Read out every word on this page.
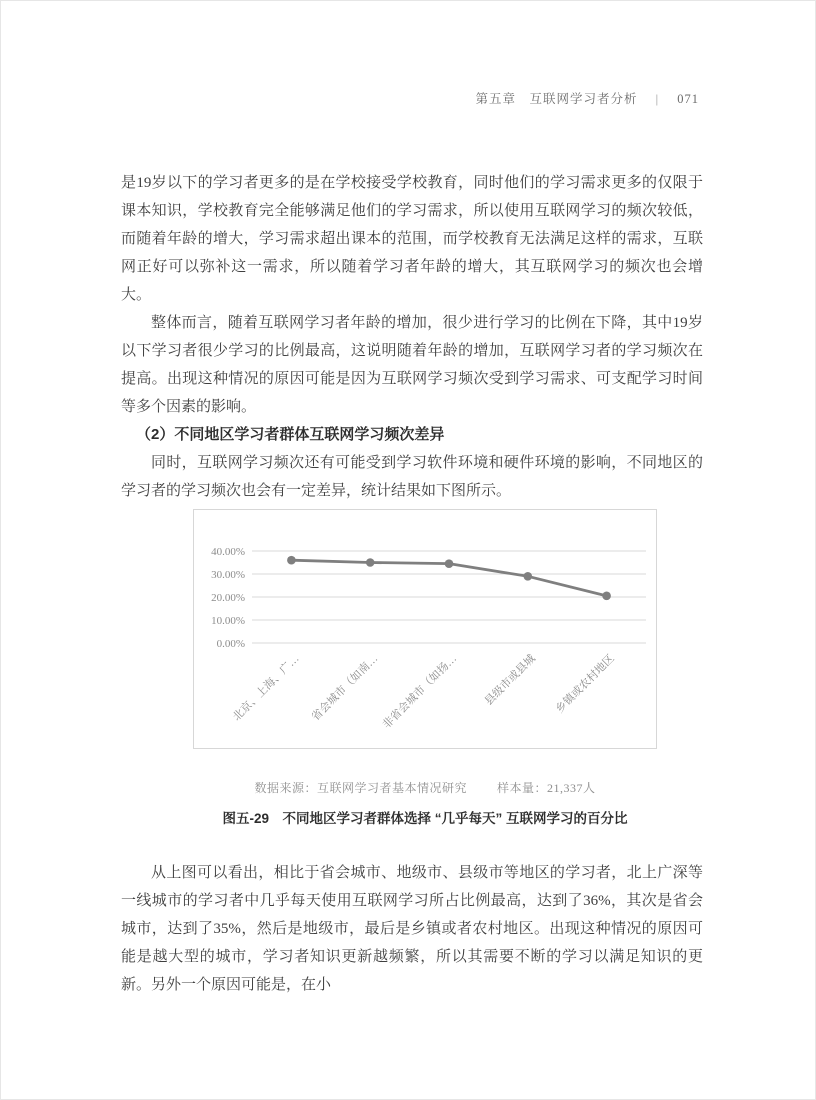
第五章　互联网学习者分析 | 071

是19岁以下的学习者更多的是在学校接受学校教育，同时他们的学习需求更多的仅限于课本知识，学校教育完全能够满足他们的学习需求，所以使用互联网学习的频次较低，而随着年龄的增大，学习需求超出课本的范围，而学校教育无法满足这样的需求，互联网正好可以弥补这一需求，所以随着学习者年龄的增大，其互联网学习的频次也会增大。

整体而言，随着互联网学习者年龄的增加，很少进行学习的比例在下降，其中19岁以下学习者很少学习的比例最高，这说明随着年龄的增加，互联网学习者的学习频次在提高。出现这种情况的原因可能是因为互联网学习频次受到学习需求、可支配学习时间等多个因素的影响。

（2）不同地区学习者群体互联网学习频次差异

同时，互联网学习频次还有可能受到学习软件环境和硬件环境的影响，不同地区的学习者的学习频次也会有一定差异，统计结果如下图所示。

40.00%
30.00%
20.00%
10.00%
0.00%
北京、上海、广… 省会城市（如南… 非省会城市（如扬… 县级市或县城 乡镇或农村地区
数据来源：互联网学习者基本情况研究	样本量：21,337人
图五-29　不同地区学习者群体选择 “几乎每天” 互联网学习的百分比

从上图可以看出，相比于省会城市、地级市、县级市等地区的学习者，北上广深等一线城市的学习者中几乎每天使用互联网学习所占比例最高，达到了36%，其次是省会城市，达到了35%，然后是地级市，最后是乡镇或者农村地区。出现这种情况的原因可能是越大型的城市，学习者知识更新越频繁，所以其需要不断的学习以满足知识的更新。另外一个原因可能是，在小
